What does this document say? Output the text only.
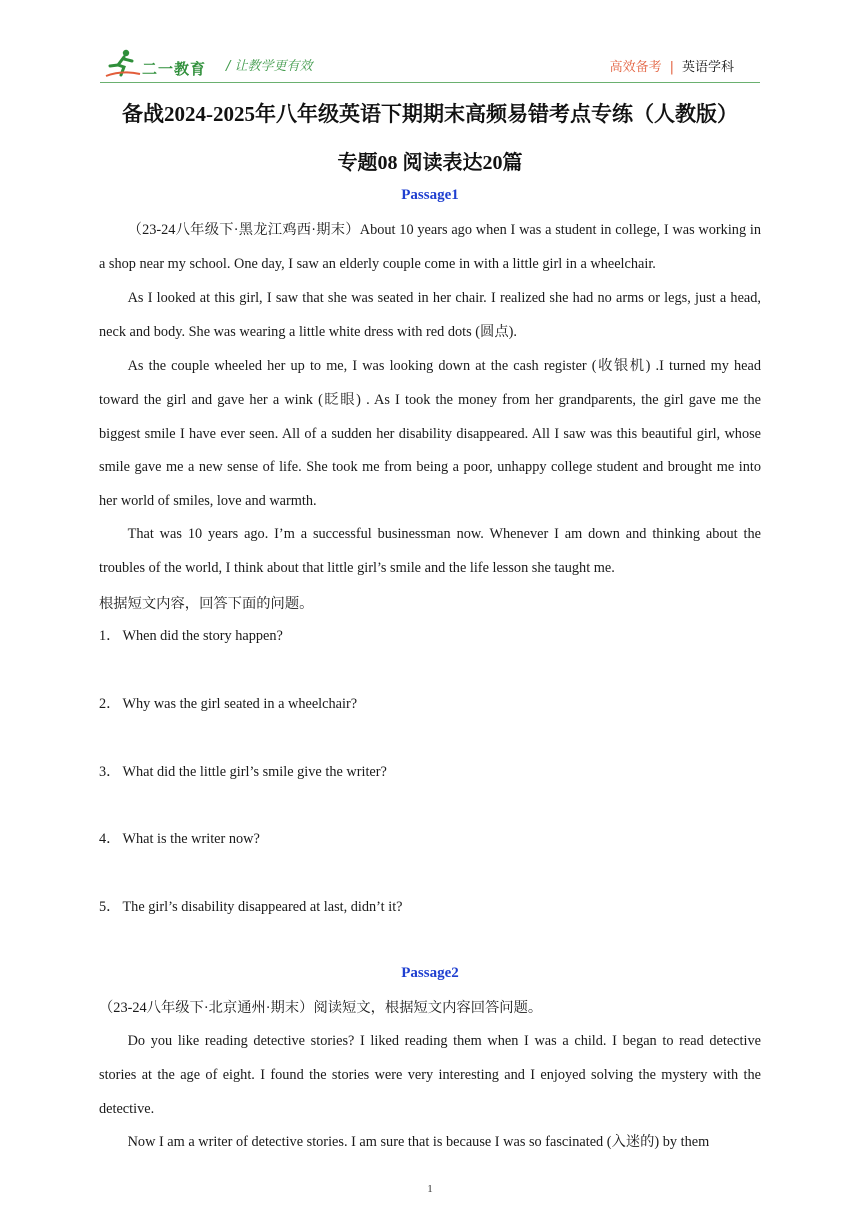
二一教育 / 让教学更有效	高效备考 | 英语学科
备战2024-2025年八年级英语下期期末高频易错考点专练（人教版）
专题08 阅读表达20篇
Passage1

（23-24八年级下·黑龙江鸡西·期末）About 10 years ago when I was a student in college, I was working in a shop near my school. One day, I saw an elderly couple come in with a little girl in a wheelchair.

As I looked at this girl, I saw that she was seated in her chair. I realized she had no arms or legs, just a head, neck and body. She was wearing a little white dress with red dots (圆点).

As the couple wheeled her up to me, I was looking down at the cash register (收银机) .I turned my head toward the girl and gave her a wink (眨眼) . As I took the money from her grandparents, the girl gave me the biggest smile I have ever seen. All of a sudden her disability disappeared. All I saw was this beautiful girl, whose smile gave me a new sense of life. She took me from being a poor, unhappy college student and brought me into her world of smiles, love and warmth.

That was 10 years ago. I’m a successful businessman now. Whenever I am down and thinking about the troubles of the world, I think about that little girl’s smile and the life lesson she taught me.

根据短文内容，回答下面的问题。
1． When did the story happen?
2． Why was the girl seated in a wheelchair?
3． What did the little girl’s smile give the writer?
4． What is the writer now?
5． The girl’s disability disappeared at last, didn’t it?
Passage2
（23-24八年级下·北京通州·期末）阅读短文，根据短文内容回答问题。

Do you like reading detective stories? I liked reading them when I was a child. I began to read detective stories at the age of eight. I found the stories were very interesting and I enjoyed solving the mystery with the detective.

Now I am a writer of detective stories. I am sure that is because I was so fascinated (入迷的) by them

1
